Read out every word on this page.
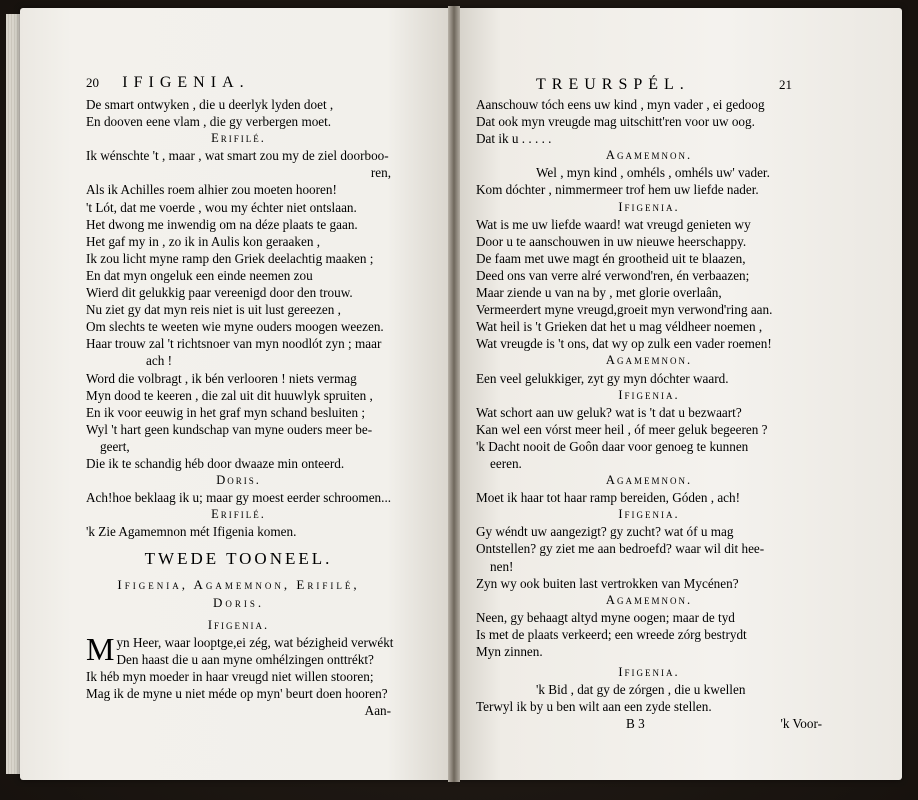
20 IFIGENIA.
De smart ontwyken , die u deerlyk lyden doet ,
En dooven eene vlam , die gy verbergen moet.
Erifilé.
Ik wénschte 't , maar , wat smart zou my de ziel doorboo-
ren,
Als ik Achilles roem alhier zou moeten hooren!
't Lót, dat me voerde , wou my échter niet ontslaan.
Het dwong me inwendig om na déze plaats te gaan.
Het gaf my in , zo ik in Aulis kon geraaken ,
Ik zou licht myne ramp den Griek deelachtig maaken ;
En dat myn ongeluk een einde neemen zou
Wierd dit gelukkig paar vereenigd door den trouw.
Nu ziet gy dat myn reis niet is uit lust gereezen ,
Om slechts te weeten wie myne ouders moogen weezen.
Haar trouw zal 't richtsnoer van myn noodlót zyn ; maar
ach !
Word die volbragt , ik bén verlooren ! niets vermag
Myn dood te keeren , die zal uit dit huuwlyk spruiten ,
En ik voor eeuwig in het graf myn schand besluiten ;
Wyl 't hart geen kundschap van myne ouders meer be-
geert,
Die ik te schandig héb door dwaaze min onteerd.
Doris.
Ach!hoe beklaag ik u; maar gy moest eerder schroomen...
Erifilé.
'k Zie Agamemnon mét Ifigenia komen.
TWEDE TOONEEL.
Ifigenia, Agamemnon, Erifilé,
Doris.
Ifigenia.
M yn Heer, waar looptge,ei zég, wat bézigheid verwékt
Den haast die u aan myne omhélzingen onttrékt?
Ik héb myn moeder in haar vreugd niet willen stooren;
Mag ik de myne u niet méde op myn' beurt doen hooren?
Aan-
TREURSPÉL.	21
Aanschouw tóch eens uw kind , myn vader , ei gedoog
Dat ook myn vreugde mag uitschitt'ren voor uw oog.
Dat ik u . . . . .
Agamemnon.
Wel , myn kind , omhéls , omhéls uw' vader.
Kom dóchter , nimmermeer trof hem uw liefde nader.
Ifigenia.
Wat is me uw liefde waard! wat vreugd genieten wy
Door u te aanschouwen in uw nieuwe heerschappy.
De faam met uwe magt én grootheid uit te blaazen,
Deed ons van verre alré verwond'ren, én verbaazen;
Maar ziende u van na by , met glorie overlaân,
Vermeerdert myne vreugd,groeit myn verwond'ring aan.
Wat heil is 't Grieken dat het u mag véldheer noemen ,
Wat vreugde is 't ons, dat wy op zulk een vader roemen!
Agamemnon.
Een veel gelukkiger, zyt gy myn dóchter waard.
Ifigenia.
Wat schort aan uw geluk? wat is 't dat u bezwaart?
Kan wel een vórst meer heil , óf meer geluk begeeren ?
'k Dacht nooit de Goôn daar voor genoeg te kunnen
eeren.
Agamemnon.
Moet ik haar tot haar ramp bereiden, Góden , ach!
Ifigenia.
Gy wéndt uw aangezigt? gy zucht? wat óf u mag
Ontstellen? gy ziet me aan bedroefd? waar wil dit hee-
nen!
Zyn wy ook buiten last vertrokken van Mycénen?
Agamemnon.
Neen, gy behaagt altyd myne oogen; maar de tyd
Is met de plaats verkeerd; een wreede zórg bestrydt
Myn zinnen.
Ifigenia.
'k Bid , dat gy de zórgen , die u kwellen
Terwyl ik by u ben wilt aan een zyde stellen.
B 3	'k Voor-
